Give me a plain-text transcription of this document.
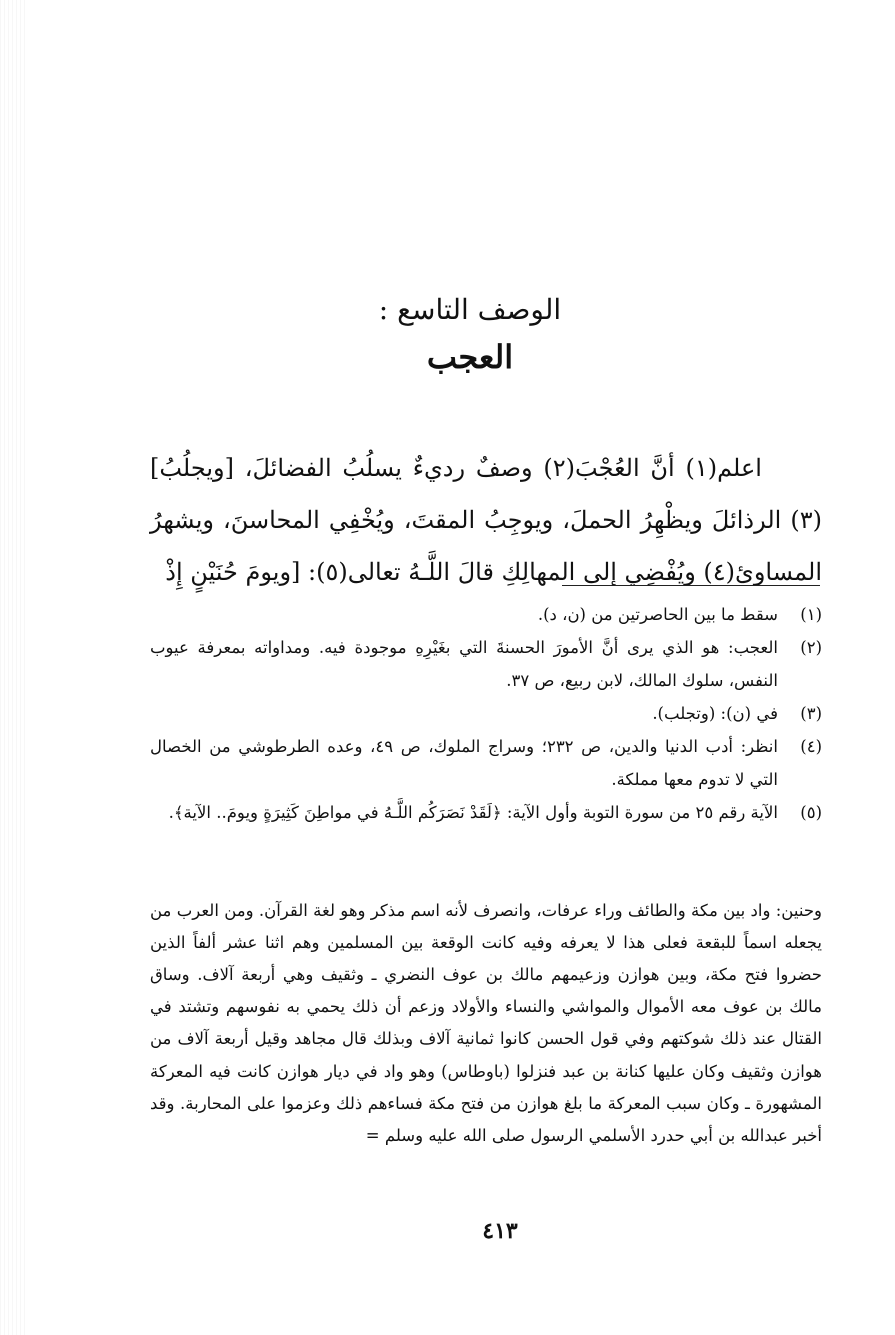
الوصف التاسع :
العجب

اعلم(١) أنَّ العُجْبَ(٢) وصفٌ رديءٌ يسلُبُ الفضائلَ، [ويجلُبُ](٣) الرذائلَ ويظْهِرُ الحملَ، ويوجِبُ المقتَ، ويُخْفِي المحاسنَ، ويشهرُ المساوئ(٤) ويُفْضِي إلى المهالِكِ قالَ اللَّـهُ تعالى(٥): [ويومَ حُنَيْنٍ إِذْ

(١)
سقط ما بين الحاصرتين من (ن، د).
(٢)
العجب: هو الذي يرى أنَّ الأمورَ الحسنةَ التي بغَيْرِهِ موجودة فيه. ومداواته بمعرفة عيوب النفس، سلوك المالك، لابن ربيع، ص ٣٧.
(٣)
في (ن): (وتجلب).
(٤)
انظر: أدب الدنيا والدين، ص ٢٣٢؛ وسراج الملوك، ص ٤٩، وعده الطرطوشي من الخصال التي لا تدوم معها مملكة.
(٥)
الآية رقم ٢٥ من سورة التوبة وأول الآية: ﴿لَقَدْ نَصَرَكُم اللَّـهُ في مواطِنَ كَثِيرَةٍ ويومَ.. الآية﴾.

وحنين: واد بين مكة والطائف وراء عرفات، وانصرف لأنه اسم مذكر وهو لغة القرآن. ومن العرب من يجعله اسماً للبقعة فعلى هذا لا يعرفه وفيه كانت الوقعة بين المسلمين وهم اثنا عشر ألفاً الذين حضروا فتح مكة، وبين هوازن وزعيمهم مالك بن عوف النضري ـ وثقيف وهي أربعة آلاف. وساق مالك بن عوف معه الأموال والمواشي والنساء والأولاد وزعم أن ذلك يحمي به نفوسهم وتشتد في القتال عند ذلك شوكتهم وفي قول الحسن كانوا ثمانية آلاف وبذلك قال مجاهد وقيل أربعة آلاف من هوازن وثقيف وكان عليها كنانة بن عبد فنزلوا (باوطاس) وهو واد في ديار هوازن كانت فيه المعركة المشهورة ـ وكان سبب المعركة ما بلغ هوازن من فتح مكة فساءهم ذلك وعزموا على المحاربة. وقد أخبر عبدالله بن أبي حدرد الأسلمي الرسول صلى الله عليه وسلم =

٤١٣
